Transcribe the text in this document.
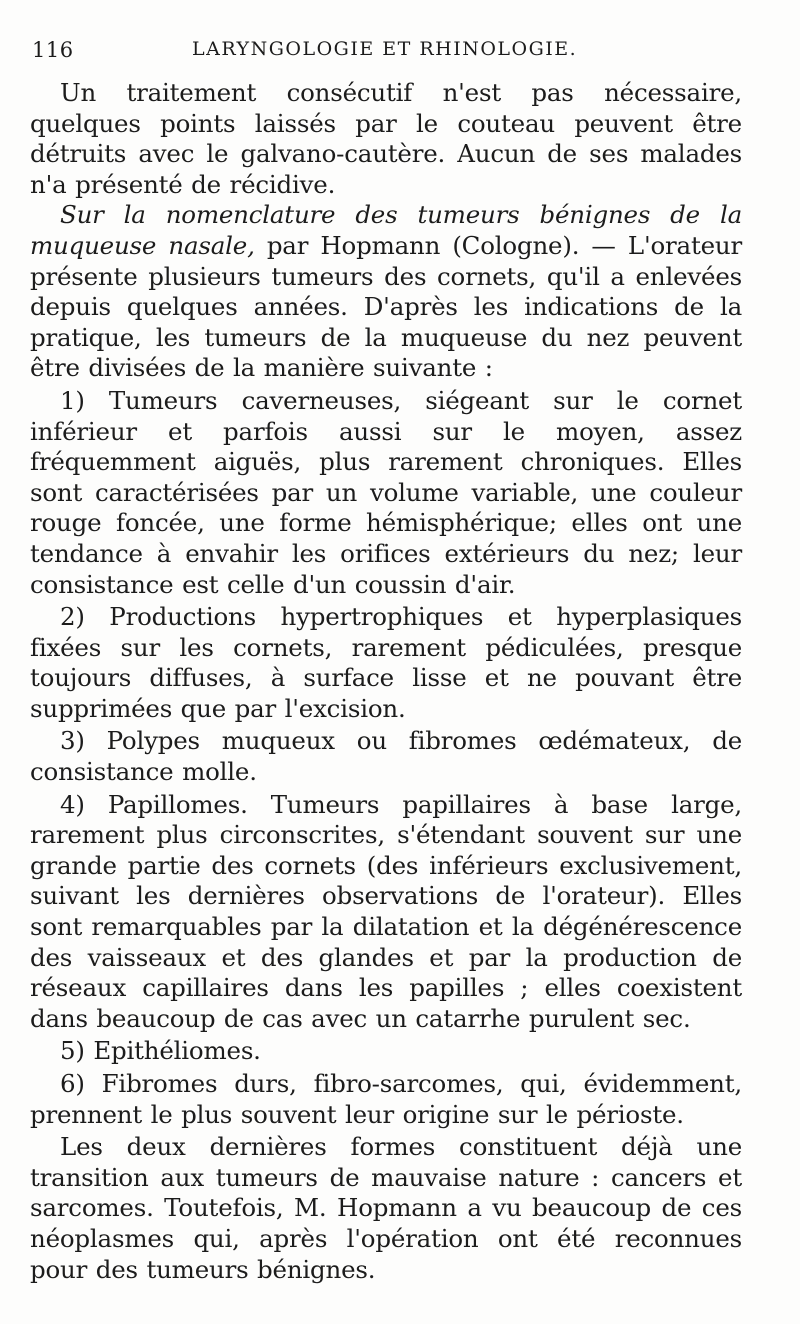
116	LARYNGOLOGIE ET RHINOLOGIE.

Un traitement consécutif n'est pas nécessaire, quelques points laissés par le couteau peuvent être détruits avec le galvano-cautère. Aucun de ses malades n'a présenté de récidive.

Sur la nomenclature des tumeurs bénignes de la muqueuse nasale, par Hopmann (Cologne). — L'orateur présente plusieurs tumeurs des cornets, qu'il a enlevées depuis quelques années. D'après les indications de la pratique, les tumeurs de la muqueuse du nez peuvent être divisées de la manière suivante :

1) Tumeurs caverneuses, siégeant sur le cornet inférieur et parfois aussi sur le moyen, assez fréquemment aiguës, plus rarement chroniques. Elles sont caractérisées par un volume variable, une couleur rouge foncée, une forme hémisphérique; elles ont une tendance à envahir les orifices extérieurs du nez; leur consistance est celle d'un coussin d'air.

2) Productions hypertrophiques et hyperplasiques fixées sur les cornets, rarement pédiculées, presque toujours diffuses, à surface lisse et ne pouvant être supprimées que par l'excision.

3) Polypes muqueux ou fibromes œdémateux, de consistance molle.

4) Papillomes. Tumeurs papillaires à base large, rarement plus circonscrites, s'étendant souvent sur une grande partie des cornets (des inférieurs exclusivement, suivant les dernières observations de l'orateur). Elles sont remarquables par la dilatation et la dégénérescence des vaisseaux et des glandes et par la production de réseaux capillaires dans les papilles ; elles coexistent dans beaucoup de cas avec un catarrhe purulent sec.

5) Epithéliomes.

6) Fibromes durs, fibro-sarcomes, qui, évidemment, prennent le plus souvent leur origine sur le périoste.

Les deux dernières formes constituent déjà une transition aux tumeurs de mauvaise nature : cancers et sarcomes. Toutefois, M. Hopmann a vu beaucoup de ces néoplasmes qui, après l'opération ont été reconnues pour des tumeurs bénignes.
